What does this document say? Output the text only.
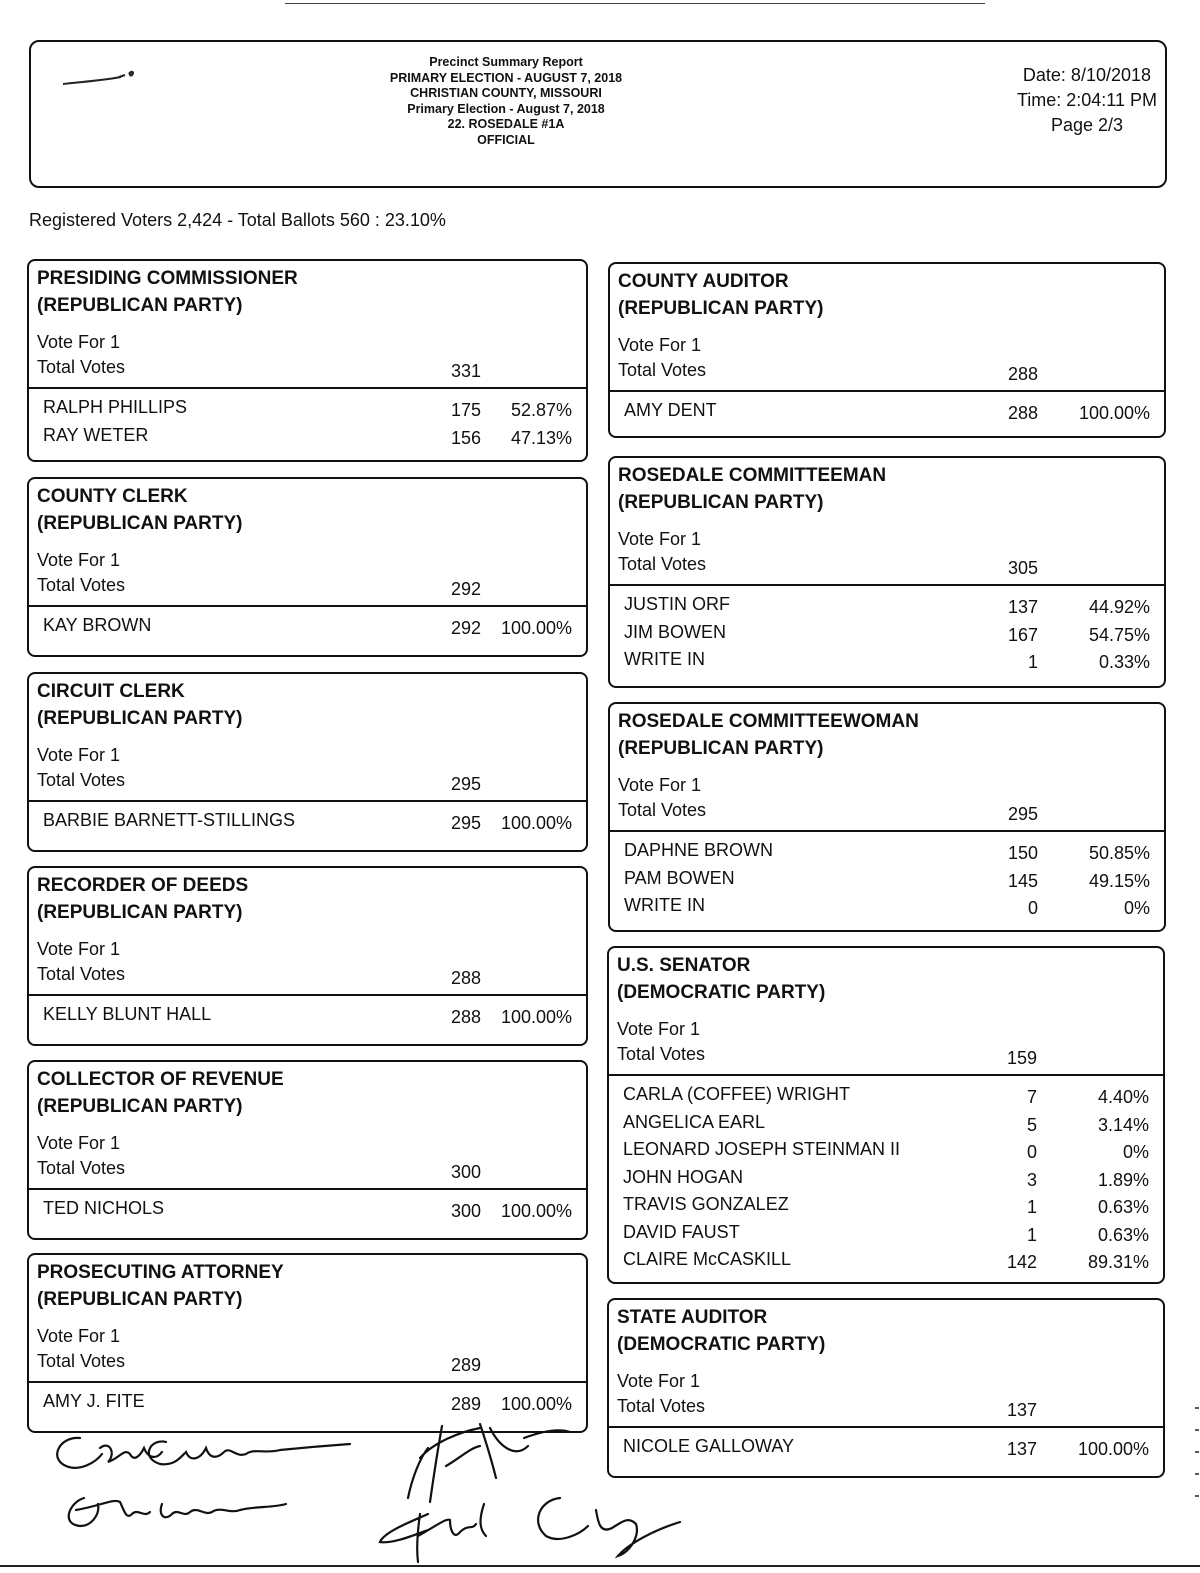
Precinct Summary Report
PRIMARY ELECTION - AUGUST 7, 2018
CHRISTIAN COUNTY, MISSOURI
Primary Election - August 7, 2018
22. ROSEDALE #1A
OFFICIAL
Date: 8/10/2018
Time: 2:04:11 PM
Page 2/3
Registered Voters 2,424 - Total Ballots 560 : 23.10%
PRESIDING COMMISSIONER
(REPUBLICAN PARTY)
Vote For 1
Total Votes	331
RALPH PHILLIPS	175 52.87%
RAY WETER	156 47.13%
COUNTY CLERK
(REPUBLICAN PARTY)
Vote For 1
Total Votes	292
KAY BROWN	292 100.00%
CIRCUIT CLERK
(REPUBLICAN PARTY)
Vote For 1
Total Votes	295
BARBIE BARNETT-STILLINGS	295 100.00%
RECORDER OF DEEDS
(REPUBLICAN PARTY)
Vote For 1
Total Votes	288
KELLY BLUNT HALL	288 100.00%
COLLECTOR OF REVENUE
(REPUBLICAN PARTY)
Vote For 1
Total Votes	300
TED NICHOLS	300 100.00%
PROSECUTING ATTORNEY
(REPUBLICAN PARTY)
Vote For 1
Total Votes	289
AMY J. FITE	289 100.00%
COUNTY AUDITOR
(REPUBLICAN PARTY)
Vote For 1
Total Votes	288
AMY DENT	288 100.00%
ROSEDALE COMMITTEEMAN
(REPUBLICAN PARTY)
Vote For 1
Total Votes	305
JUSTIN ORF	137	44.92%
JIM BOWEN	167	54.75%
WRITE IN	1	0.33%
ROSEDALE COMMITTEEWOMAN
(REPUBLICAN PARTY)
Vote For 1
Total Votes	295
DAPHNE BROWN	150	50.85%
PAM BOWEN	145	49.15%
WRITE IN	0	0%
U.S. SENATOR
(DEMOCRATIC PARTY)
Vote For 1
Total Votes	159
CARLA (COFFEE) WRIGHT	7	4.40%
ANGELICA EARL	5	3.14%
LEONARD JOSEPH STEINMAN II	0	0%
JOHN HOGAN	3	1.89%
TRAVIS GONZALEZ	1	0.63%
DAVID FAUST	1	0.63%
CLAIRE McCASKILL	142	89.31%
STATE AUDITOR
(DEMOCRATIC PARTY)
Vote For 1
Total Votes	137
NICOLE GALLOWAY	137 100.00%
